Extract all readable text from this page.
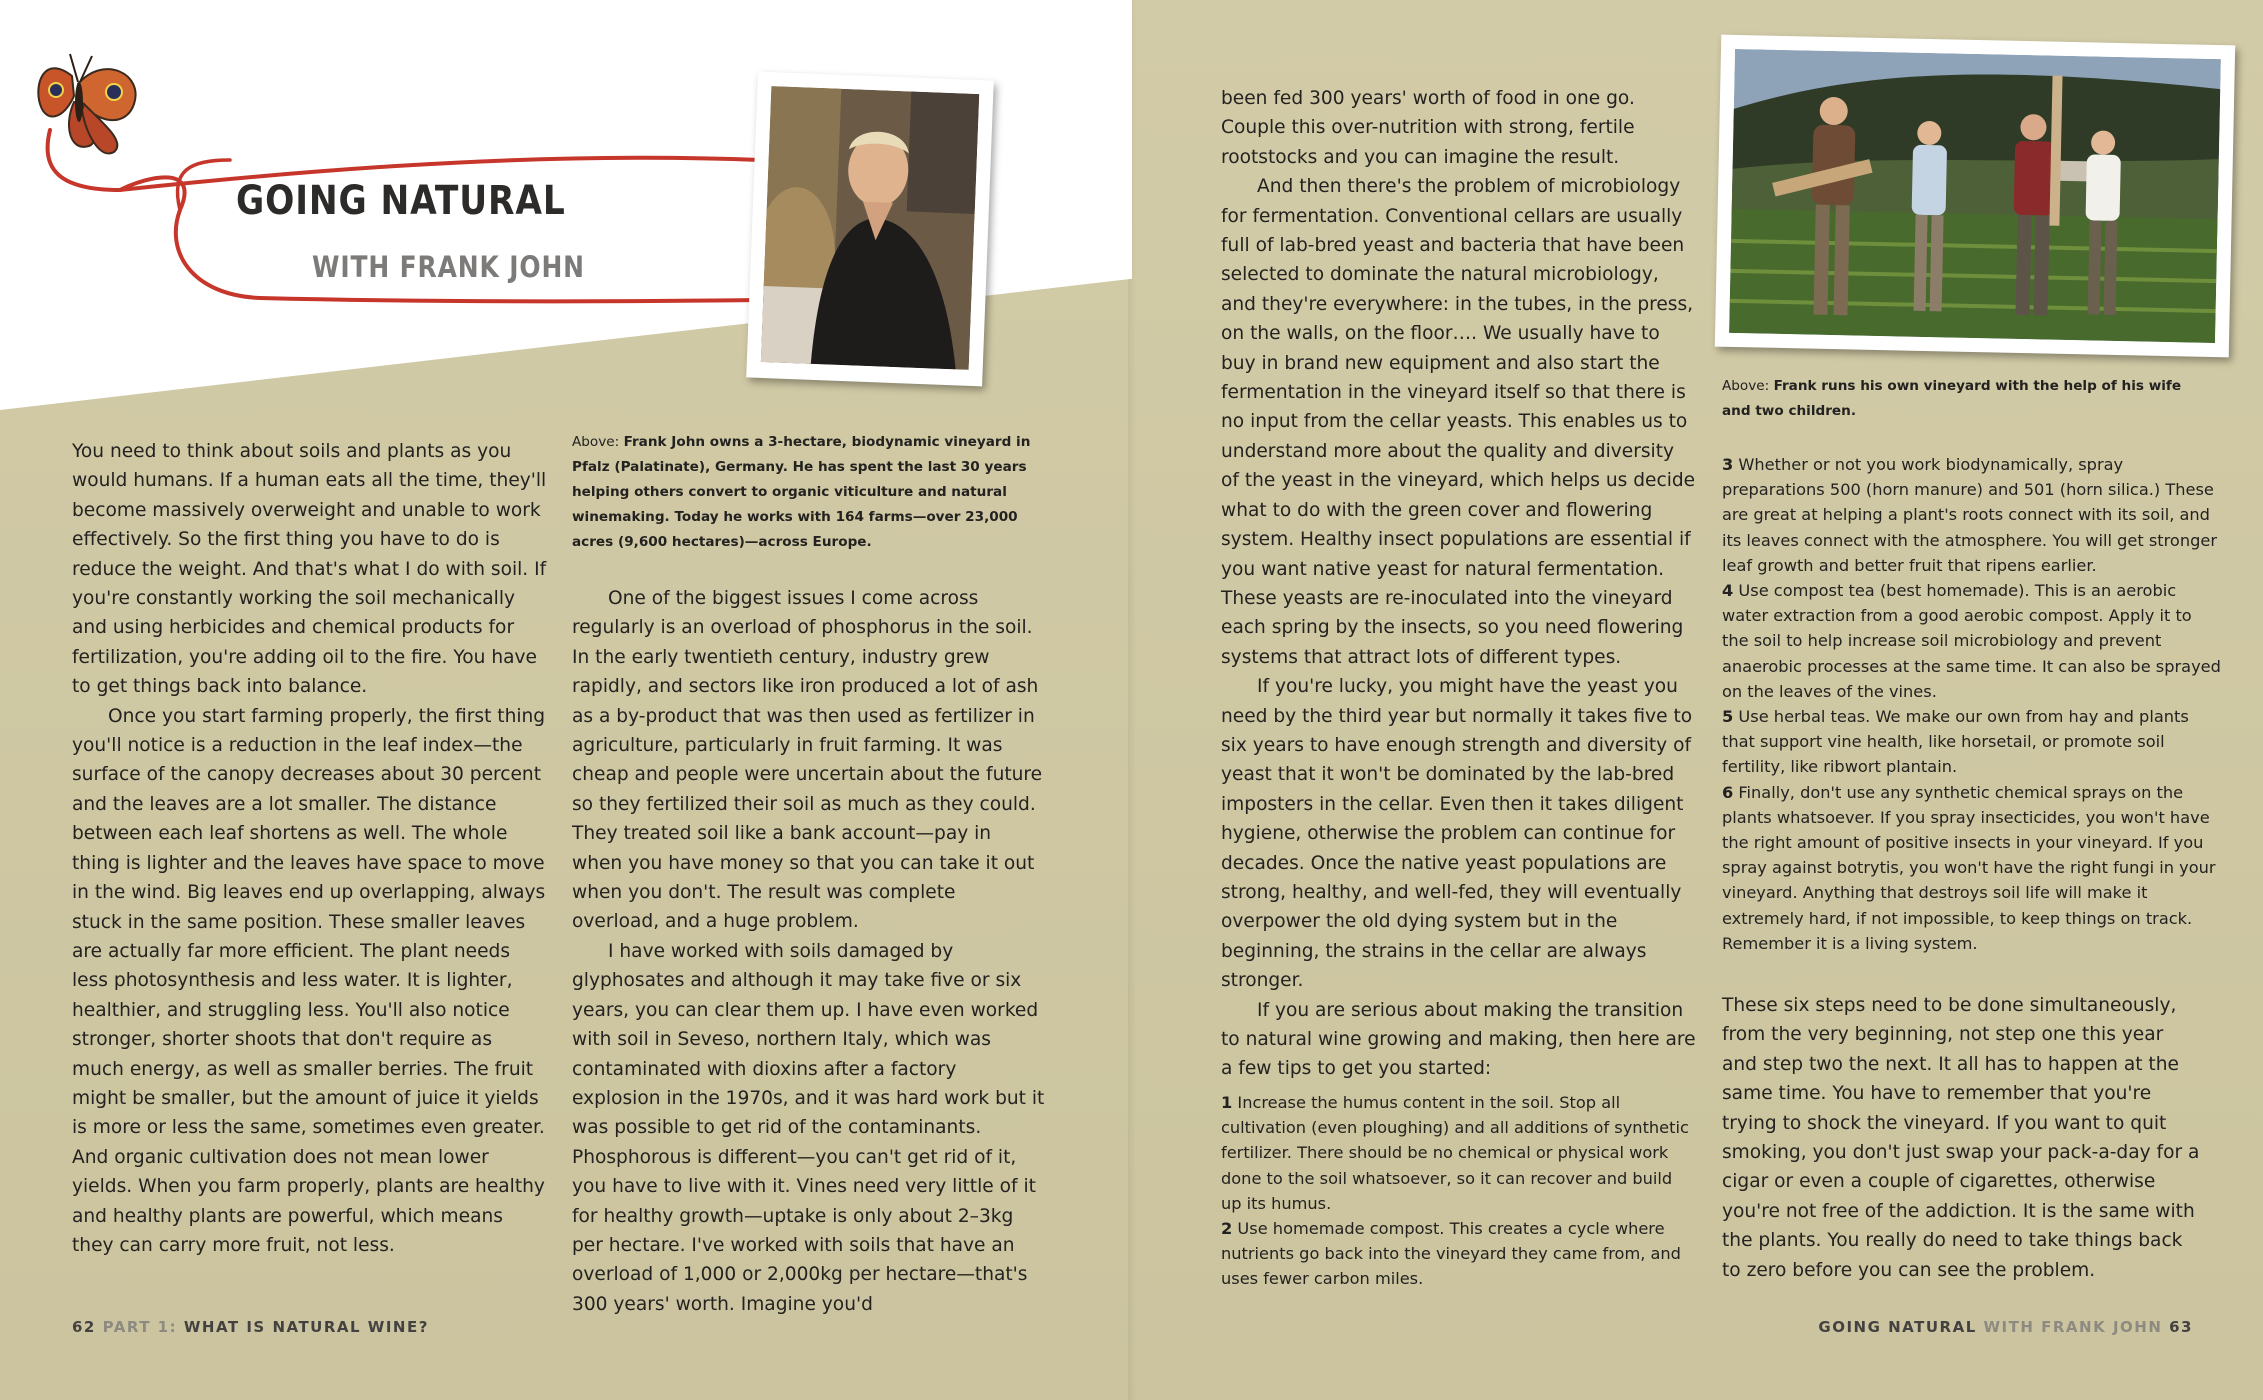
GOING NATURAL
WITH FRANK JOHN
Above: Frank John owns a 3-hectare, biodynamic vineyard in Pfalz (Palatinate), Germany. He has spent the last 30 years helping others convert to organic viticulture and natural winemaking. Today he works with 164 farms—over 23,000 acres (9,600 hectares)—across Europe.
Above: Frank runs his own vineyard with the help of his wife and two children.

You need to think about soils and plants as you would humans. If a human eats all the time, they'll become massively overweight and unable to work effectively. So the first thing you have to do is reduce the weight. And that's what I do with soil. If you're constantly working the soil mechanically and using herbicides and chemical products for fertilization, you're adding oil to the fire. You have to get things back into balance.

Once you start farming properly, the first thing you'll notice is a reduction in the leaf index—the surface of the canopy decreases about 30 percent and the leaves are a lot smaller. The distance between each leaf shortens as well. The whole thing is lighter and the leaves have space to move in the wind. Big leaves end up overlapping, always stuck in the same position. These smaller leaves are actually far more efficient. The plant needs less photosynthesis and less water. It is lighter, healthier, and struggling less. You'll also notice stronger, shorter shoots that don't require as much energy, as well as smaller berries. The fruit might be smaller, but the amount of juice it yields is more or less the same, sometimes even greater. And organic cultivation does not mean lower yields. When you farm properly, plants are healthy and healthy plants are powerful, which means they can carry more fruit, not less.

One of the biggest issues I come across regularly is an overload of phosphorus in the soil. In the early twentieth century, industry grew rapidly, and sectors like iron produced a lot of ash as a by-product that was then used as fertilizer in agriculture, particularly in fruit farming. It was cheap and people were uncertain about the future so they fertilized their soil as much as they could. They treated soil like a bank account—pay in when you have money so that you can take it out when you don't. The result was complete overload, and a huge problem.

I have worked with soils damaged by glyphosates and although it may take five or six years, you can clear them up. I have even worked with soil in Seveso, northern Italy, which was contaminated with dioxins after a factory explosion in the 1970s, and it was hard work but it was possible to get rid of the contaminants. Phosphorous is different—you can't get rid of it, you have to live with it. Vines need very little of it for healthy growth—uptake is only about 2–3kg per hectare. I've worked with soils that have an overload of 1,000 or 2,000kg per hectare—that's 300 years' worth. Imagine you'd

been fed 300 years' worth of food in one go. Couple this over-nutrition with strong, fertile rootstocks and you can imagine the result.

And then there's the problem of microbiology for fermentation. Conventional cellars are usually full of lab-bred yeast and bacteria that have been selected to dominate the natural microbiology, and they're everywhere: in the tubes, in the press, on the walls, on the floor…. We usually have to buy in brand new equipment and also start the fermentation in the vineyard itself so that there is no input from the cellar yeasts. This enables us to understand more about the quality and diversity of the yeast in the vineyard, which helps us decide what to do with the green cover and flowering system. Healthy insect populations are essential if you want native yeast for natural fermentation. These yeasts are re-inoculated into the vineyard each spring by the insects, so you need flowering systems that attract lots of different types.

If you're lucky, you might have the yeast you need by the third year but normally it takes five to six years to have enough strength and diversity of yeast that it won't be dominated by the lab-bred imposters in the cellar. Even then it takes diligent hygiene, otherwise the problem can continue for decades. Once the native yeast populations are strong, healthy, and well-fed, they will eventually overpower the old dying system but in the beginning, the strains in the cellar are always stronger.

If you are serious about making the transition to natural wine growing and making, then here are a few tips to get you started:

1 Increase the humus content in the soil. Stop all cultivation (even ploughing) and all additions of synthetic fertilizer. There should be no chemical or physical work done to the soil whatsoever, so it can recover and build up its humus.

2 Use homemade compost. This creates a cycle where nutrients go back into the vineyard they came from, and uses fewer carbon miles.

3 Whether or not you work biodynamically, spray preparations 500 (horn manure) and 501 (horn silica.) These are great at helping a plant's roots connect with its soil, and its leaves connect with the atmosphere. You will get stronger leaf growth and better fruit that ripens earlier.

4 Use compost tea (best homemade). This is an aerobic water extraction from a good aerobic compost. Apply it to the soil to help increase soil microbiology and prevent anaerobic processes at the same time. It can also be sprayed on the leaves of the vines.

5 Use herbal teas. We make our own from hay and plants that support vine health, like horsetail, or promote soil fertility, like ribwort plantain.

6 Finally, don't use any synthetic chemical sprays on the plants whatsoever. If you spray insecticides, you won't have the right amount of positive insects in your vineyard. If you spray against botrytis, you won't have the right fungi in your vineyard. Anything that destroys soil life will make it extremely hard, if not impossible, to keep things on track. Remember it is a living system.

These six steps need to be done simultaneously, from the very beginning, not step one this year and step two the next. It all has to happen at the same time. You have to remember that you're trying to shock the vineyard. If you want to quit smoking, you don't just swap your pack-a-day for a cigar or even a couple of cigarettes, otherwise you're not free of the addiction. It is the same with the plants. You really do need to take things back to zero before you can see the problem.

62 PART 1: WHAT IS NATURAL WINE?	GOING NATURAL WITH FRANK JOHN 63
